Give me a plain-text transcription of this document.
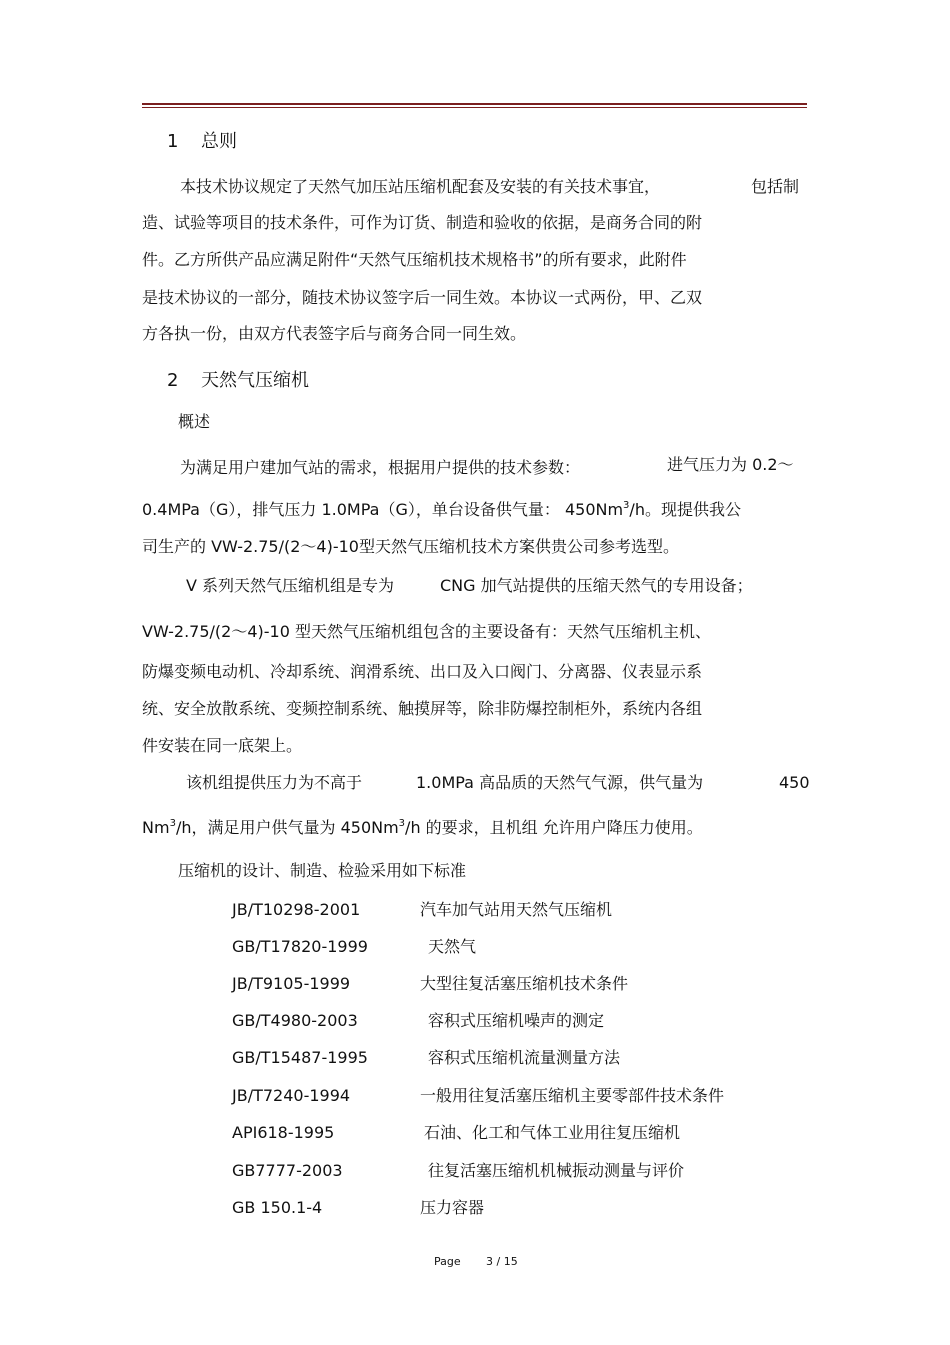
1 总则
本技术协议规定了天然气加压站压缩机配套及安装的有关技术事宜，	包括制
造、试验等项目的技术条件，可作为订货、制造和验收的依据，是商务合同的附
件。乙方所供产品应满足附件“天然气压缩机技术规格书”的所有要求，此附件
是技术协议的一部分，随技术协议签字后一同生效。本协议一式两份，甲、乙双
方各执一份，由双方代表签字后与商务合同一同生效。
2 天然气压缩机
概述
为满足用户建加气站的需求，根据用户提供的技术参数：	进气压力为 0.2～
0.4MPa（G），排气压力 1.0MPa（G），单台设备供气量： 450Nm$^3$/h。现提供我公
司生产的 VW-2.75/(2～4)-10型天然气压缩机技术方案供贵公司参考选型。
V 系列天然气压缩机组是专为	CNG 加气站提供的压缩天然气的专用设备；
VW-2.75/(2～4)-10 型天然气压缩机组包含的主要设备有：天然气压缩机主机、
防爆变频电动机、冷却系统、润滑系统、出口及入口阀门、分离器、仪表显示系
统、安全放散系统、变频控制系统、触摸屏等，除非防爆控制柜外，系统内各组
件安装在同一底架上。
该机组提供压力为不高于	1.0MPa 高品质的天然气气源，供气量为	450
Nm$^3$/h，满足用户供气量为 450Nm$^3$/h 的要求，且机组 允许用户降压力使用。
压缩机的设计、制造、检验采用如下标准
JB/T10298-2001	汽车加气站用天然气压缩机
GB/T17820-1999	天然气
JB/T9105-1999	大型往复活塞压缩机技术条件
GB/T4980-2003	容积式压缩机噪声的测定
GB/T15487-1995	容积式压缩机流量测量方法
JB/T7240-1994	一般用往复活塞压缩机主要零部件技术条件
API618-1995	石油、化工和气体工业用往复压缩机
GB7777-2003	往复活塞压缩机机械振动测量与评价
GB 150.1-4	压力容器
Page 3 / 15
